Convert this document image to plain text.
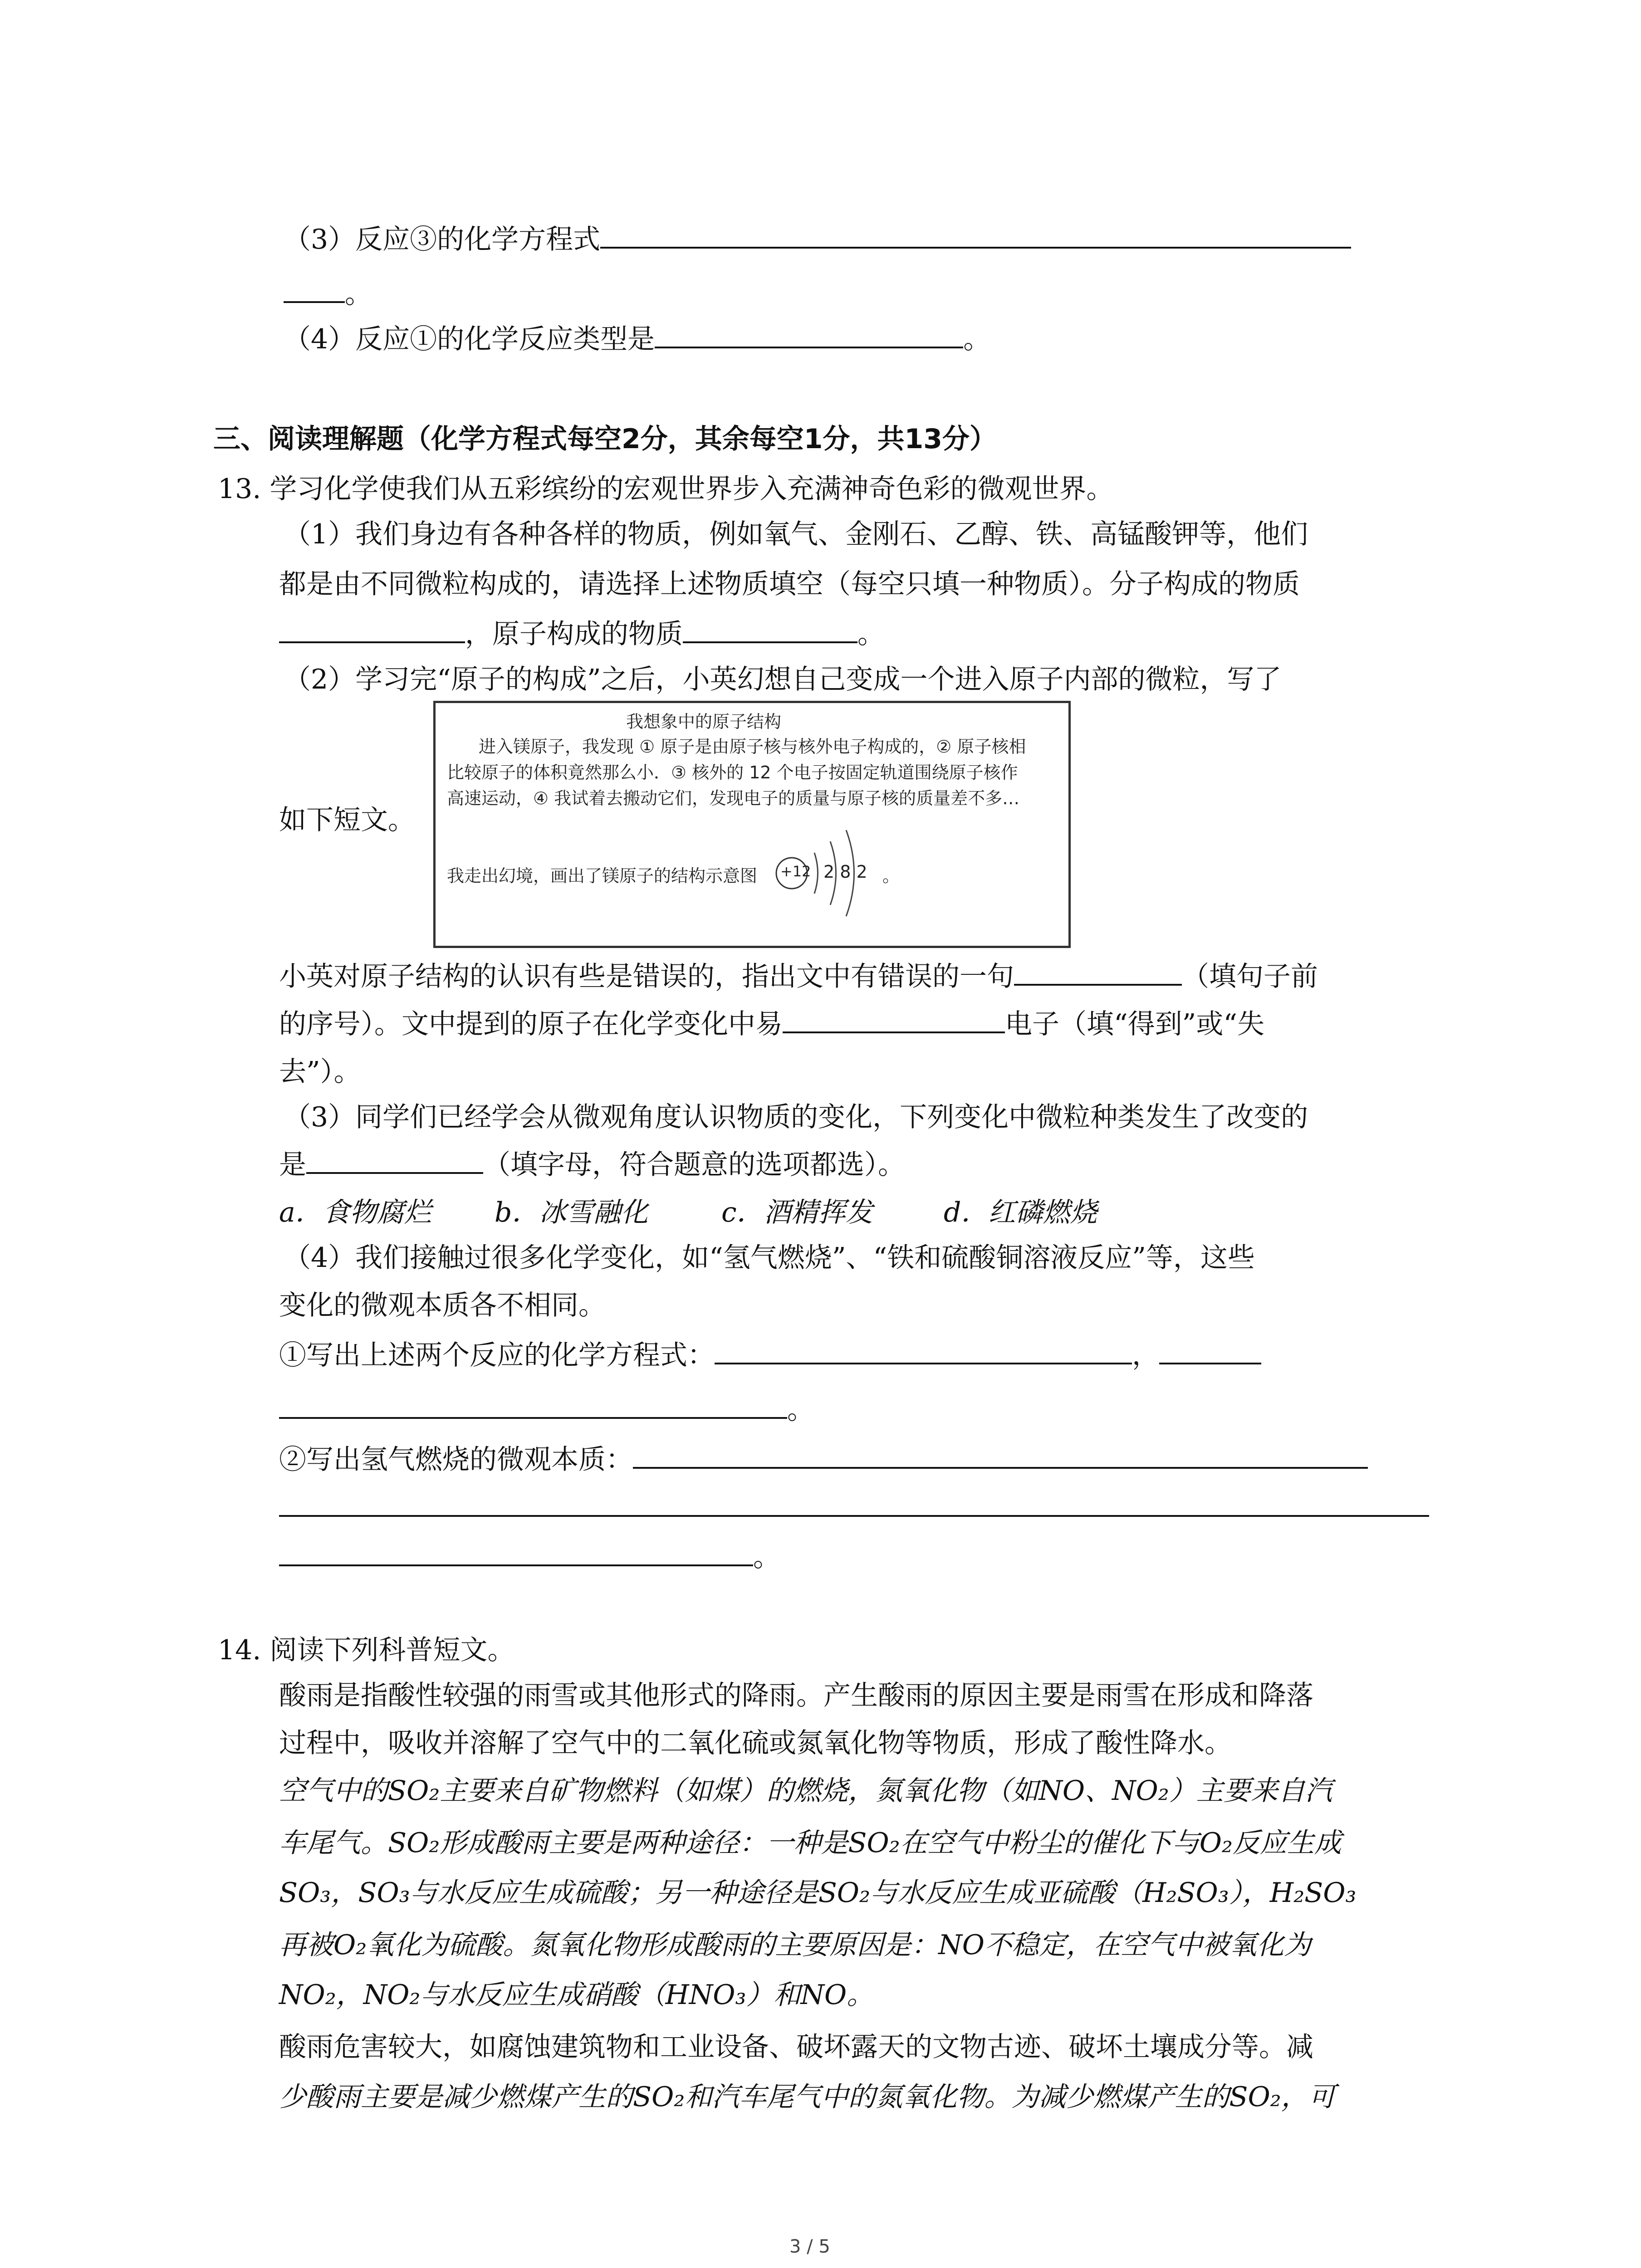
（3）反应③的化学方程式
。
（4）反应①的化学反应类型是	。
三、阅读理解题（化学方程式每空2分，其余每空1分，共13分）
13. 学习化学使我们从五彩缤纷的宏观世界步入充满神奇色彩的微观世界。
（1）我们身边有各种各样的物质，例如氧气、金刚石、乙醇、铁、高锰酸钾等，他们
都是由不同微粒构成的，请选择上述物质填空（每空只填一种物质）。分子构成的物质
，原子构成的物质	。
（2）学习完“原子的构成”之后，小英幻想自己变成一个进入原子内部的微粒，写了
如下短文。
我想象中的原子结构
进入镁原子，我发现 ① 原子是由原子核与核外电子构成的，② 原子核相
比较原子的体积竟然那么小．③ 核外的 12 个电子按固定轨道围绕原子核作
高速运动，④ 我试着去搬动它们，发现电子的质量与原子核的质量差不多…
我走出幻境，画出了镁原子的结构示意图 +12 2 8 2 。
小英对原子结构的认识有些是错误的，指出文中有错误的一句	（填句子前
的序号）。文中提到的原子在化学变化中易	电子（填“得到”或“失
去”）。
（3）同学们已经学会从微观角度认识物质的变化，下列变化中微粒种类发生了改变的
是	（填字母，符合题意的选项都选）。
a．食物腐烂 b．冰雪融化	c．酒精挥发	d．红磷燃烧
（4）我们接触过很多化学变化，如“氢气燃烧”、“铁和硫酸铜溶液反应”等，这些
变化的微观本质各不相同。
①写出上述两个反应的化学方程式：	，
。
②写出氢气燃烧的微观本质：
。
14. 阅读下列科普短文。
酸雨是指酸性较强的雨雪或其他形式的降雨。产生酸雨的原因主要是雨雪在形成和降落
过程中，吸收并溶解了空气中的二氧化硫或氮氧化物等物质，形成了酸性降水。
空气中的SO₂主要来自矿物燃料（如煤）的燃烧，氮氧化物（如NO、NO₂）主要来自汽
车尾气。SO₂形成酸雨主要是两种途径：一种是SO₂在空气中粉尘的催化下与O₂反应生成
SO₃，SO₃与水反应生成硫酸；另一种途径是SO₂与水反应生成亚硫酸（H₂SO₃），H₂SO₃
再被O₂氧化为硫酸。氮氧化物形成酸雨的主要原因是：NO不稳定，在空气中被氧化为
NO₂，NO₂与水反应生成硝酸（HNO₃）和NO。
酸雨危害较大，如腐蚀建筑物和工业设备、破坏露天的文物古迹、破坏土壤成分等。减
少酸雨主要是减少燃煤产生的SO₂和汽车尾气中的氮氧化物。为减少燃煤产生的SO₂，可
3 / 5
